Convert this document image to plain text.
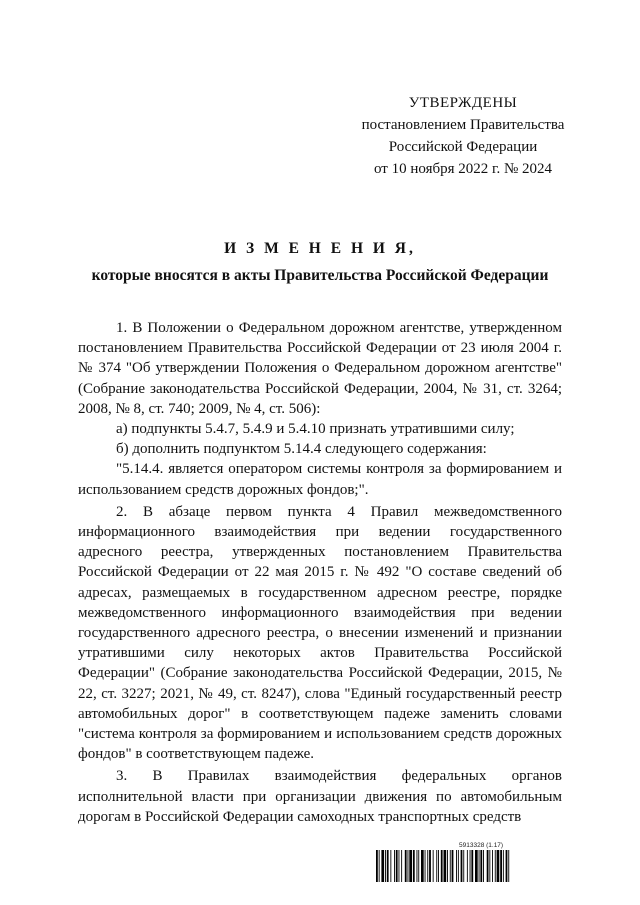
УТВЕРЖДЕНЫ
постановлением Правительства
Российской Федерации
от 10 ноября 2022 г. № 2024
И З М Е Н Е Н И Я,
которые вносятся в акты Правительства Российской Федерации

1. В Положении о Федеральном дорожном агентстве, утвержденном постановлением Правительства Российской Федерации от 23 июля 2004 г. № 374 "Об утверждении Положения о Федеральном дорожном агентстве" (Собрание законодательства Российской Федерации, 2004, № 31, ст. 3264; 2008, № 8, ст. 740; 2009, № 4, ст. 506):

а) подпункты 5.4.7, 5.4.9 и 5.4.10 признать утратившими силу;

б) дополнить подпунктом 5.14.4 следующего содержания:

"5.14.4. является оператором системы контроля за формированием и использованием средств дорожных фондов;".

2. В абзаце первом пункта 4 Правил межведомственного информационного взаимодействия при ведении государственного адресного реестра, утвержденных постановлением Правительства Российской Федерации от 22 мая 2015 г. № 492 "О составе сведений об адресах, размещаемых в государственном адресном реестре, порядке межведомственного информационного взаимодействия при ведении государственного адресного реестра, о внесении изменений и признании утратившими силу некоторых актов Правительства Российской Федерации" (Собрание законодательства Российской Федерации, 2015, № 22, ст. 3227; 2021, № 49, ст. 8247), слова "Единый государственный реестр автомобильных дорог" в соответствующем падеже заменить словами "система контроля за формированием и использованием средств дорожных фондов" в соответствующем падеже.

3. В Правилах взаимодействия федеральных органов исполнительной власти при организации движения по автомобильным дорогам в Российской Федерации самоходных транспортных средств

5913328 (1.17)
